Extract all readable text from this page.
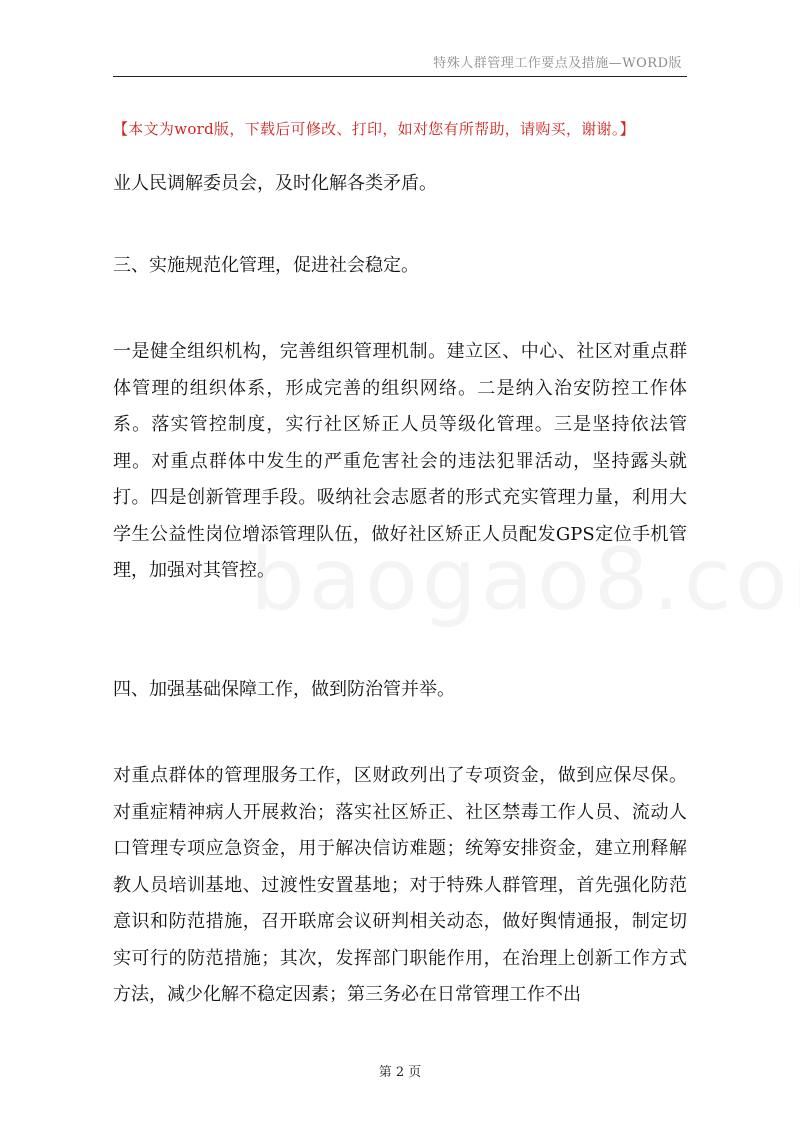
特殊人群管理工作要点及措施—WORD版
【本文为word版，下载后可修改、打印，如对您有所帮助，请购买，谢谢。】

业人民调解委员会，及时化解各类矛盾。

三、实施规范化管理，促进社会稳定。

一是健全组织机构，完善组织管理机制。建立区、中心、社区对重点群体管理的组织体系，形成完善的组织网络。二是纳入治安防控工作体系。落实管控制度，实行社区矫正人员等级化管理。三是坚持依法管理。对重点群体中发生的严重危害社会的违法犯罪活动，坚持露头就打。四是创新管理手段。吸纳社会志愿者的形式充实管理力量，利用大学生公益性岗位增添管理队伍，做好社区矫正人员配发GPS定位手机管理，加强对其管控。

四、加强基础保障工作，做到防治管并举。

对重点群体的管理服务工作，区财政列出了专项资金，做到应保尽保。对重症精神病人开展救治；落实社区矫正、社区禁毒工作人员、流动人口管理专项应急资金，用于解决信访难题；统筹安排资金，建立刑释解教人员培训基地、过渡性安置基地；对于特殊人群管理，首先强化防范意识和防范措施，召开联席会议研判相关动态，做好舆情通报，制定切实可行的防范措施；其次，发挥部门职能作用，在治理上创新工作方式方法，减少化解不稳定因素；第三务必在日常管理工作不出

第 2 页
